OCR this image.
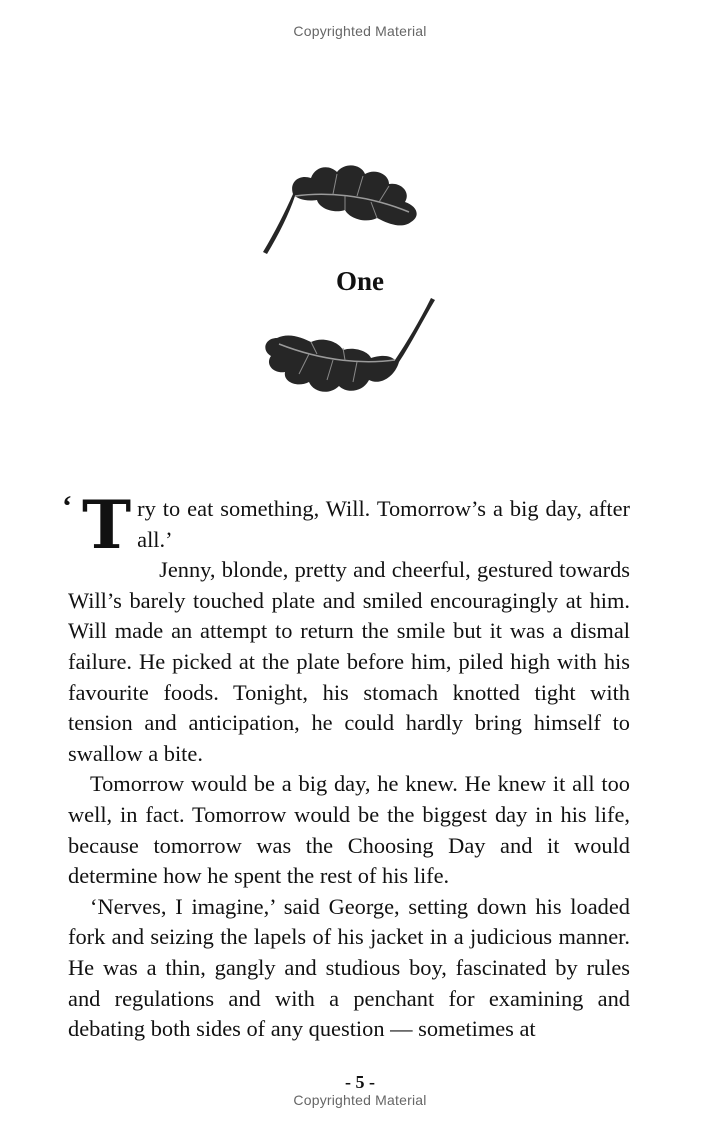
Copyrighted Material
One

‘ T ry to eat something, Will. Tomorrow’s a big day, after all.’

Jenny, blonde, pretty and cheerful, gestured towards Will’s barely touched plate and smiled encouragingly at him. Will made an attempt to return the smile but it was a dismal failure. He picked at the plate before him, piled high with his favourite foods. Tonight, his stomach knotted tight with tension and anticipation, he could hardly bring himself to swallow a bite.

Tomorrow would be a big day, he knew. He knew it all too well, in fact. Tomorrow would be the biggest day in his life, because tomorrow was the Choosing Day and it would determine how he spent the rest of his life.

‘Nerves, I imagine,’ said George, setting down his loaded fork and seizing the lapels of his jacket in a judicious manner. He was a thin, gangly and studious boy, fascinated by rules and regulations and with a penchant for examining and debating both sides of any question — sometimes at

- 5 -
Copyrighted Material
